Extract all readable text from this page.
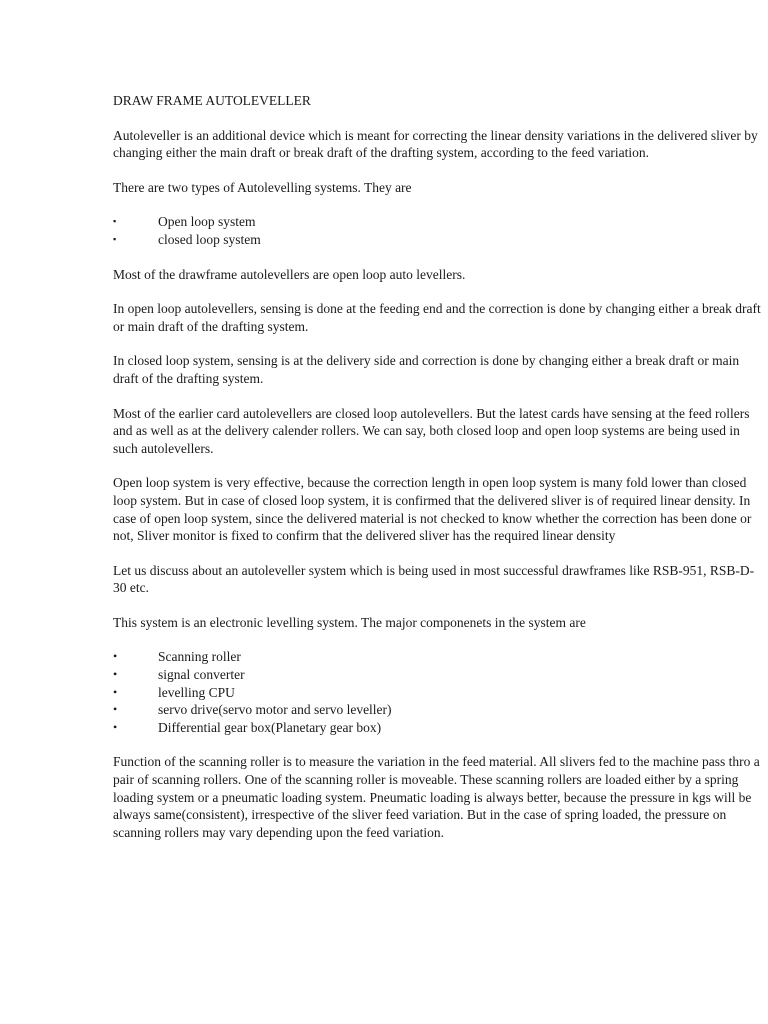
DRAW FRAME AUTOLEVELLER

Autoleveller is an additional device which is meant for correcting the linear density variations in the delivered sliver by changing either the main draft or break draft of the drafting system, according to the feed variation.

There are two types of Autolevelling systems. They are

▪	Open loop system
▪	closed loop system

Most of the drawframe autolevellers are open loop auto levellers.

In open loop autolevellers, sensing is done at the feeding end and the correction is done by changing either a break draft or main draft of the drafting system.

In closed loop system, sensing is at the delivery side and correction is done by changing either a break draft or main draft of the drafting system.

Most of the earlier card autolevellers are closed loop autolevellers. But the latest cards have sensing at the feed rollers and as well as at the delivery calender rollers. We can say, both closed loop and open loop systems are being used in such autolevellers.

Open loop system is very effective, because the correction length in open loop system is many fold lower than closed loop system. But in case of closed loop system, it is confirmed that the delivered sliver is of required linear density. In case of open loop system, since the delivered material is not checked to know whether the correction has been done or not, Sliver monitor is fixed to confirm that the delivered sliver has the required linear density

Let us discuss about an autoleveller system which is being used in most successful drawframes like RSB-951, RSB-D-30 etc.

This system is an electronic levelling system. The major componenets in the system are

•	Scanning roller
•	signal converter
•	levelling CPU
•	servo drive(servo motor and servo leveller)
•	Differential gear box(Planetary gear box)

Function of the scanning roller is to measure the variation in the feed material. All slivers fed to the machine pass thro a pair of scanning rollers. One of the scanning roller is moveable. These scanning rollers are loaded either by a spring loading system or a pneumatic loading system. Pneumatic loading is always better, because the pressure in kgs will be always same(consistent), irrespective of the sliver feed variation. But in the case of spring loaded, the pressure on scanning rollers may vary depending upon the feed variation.
